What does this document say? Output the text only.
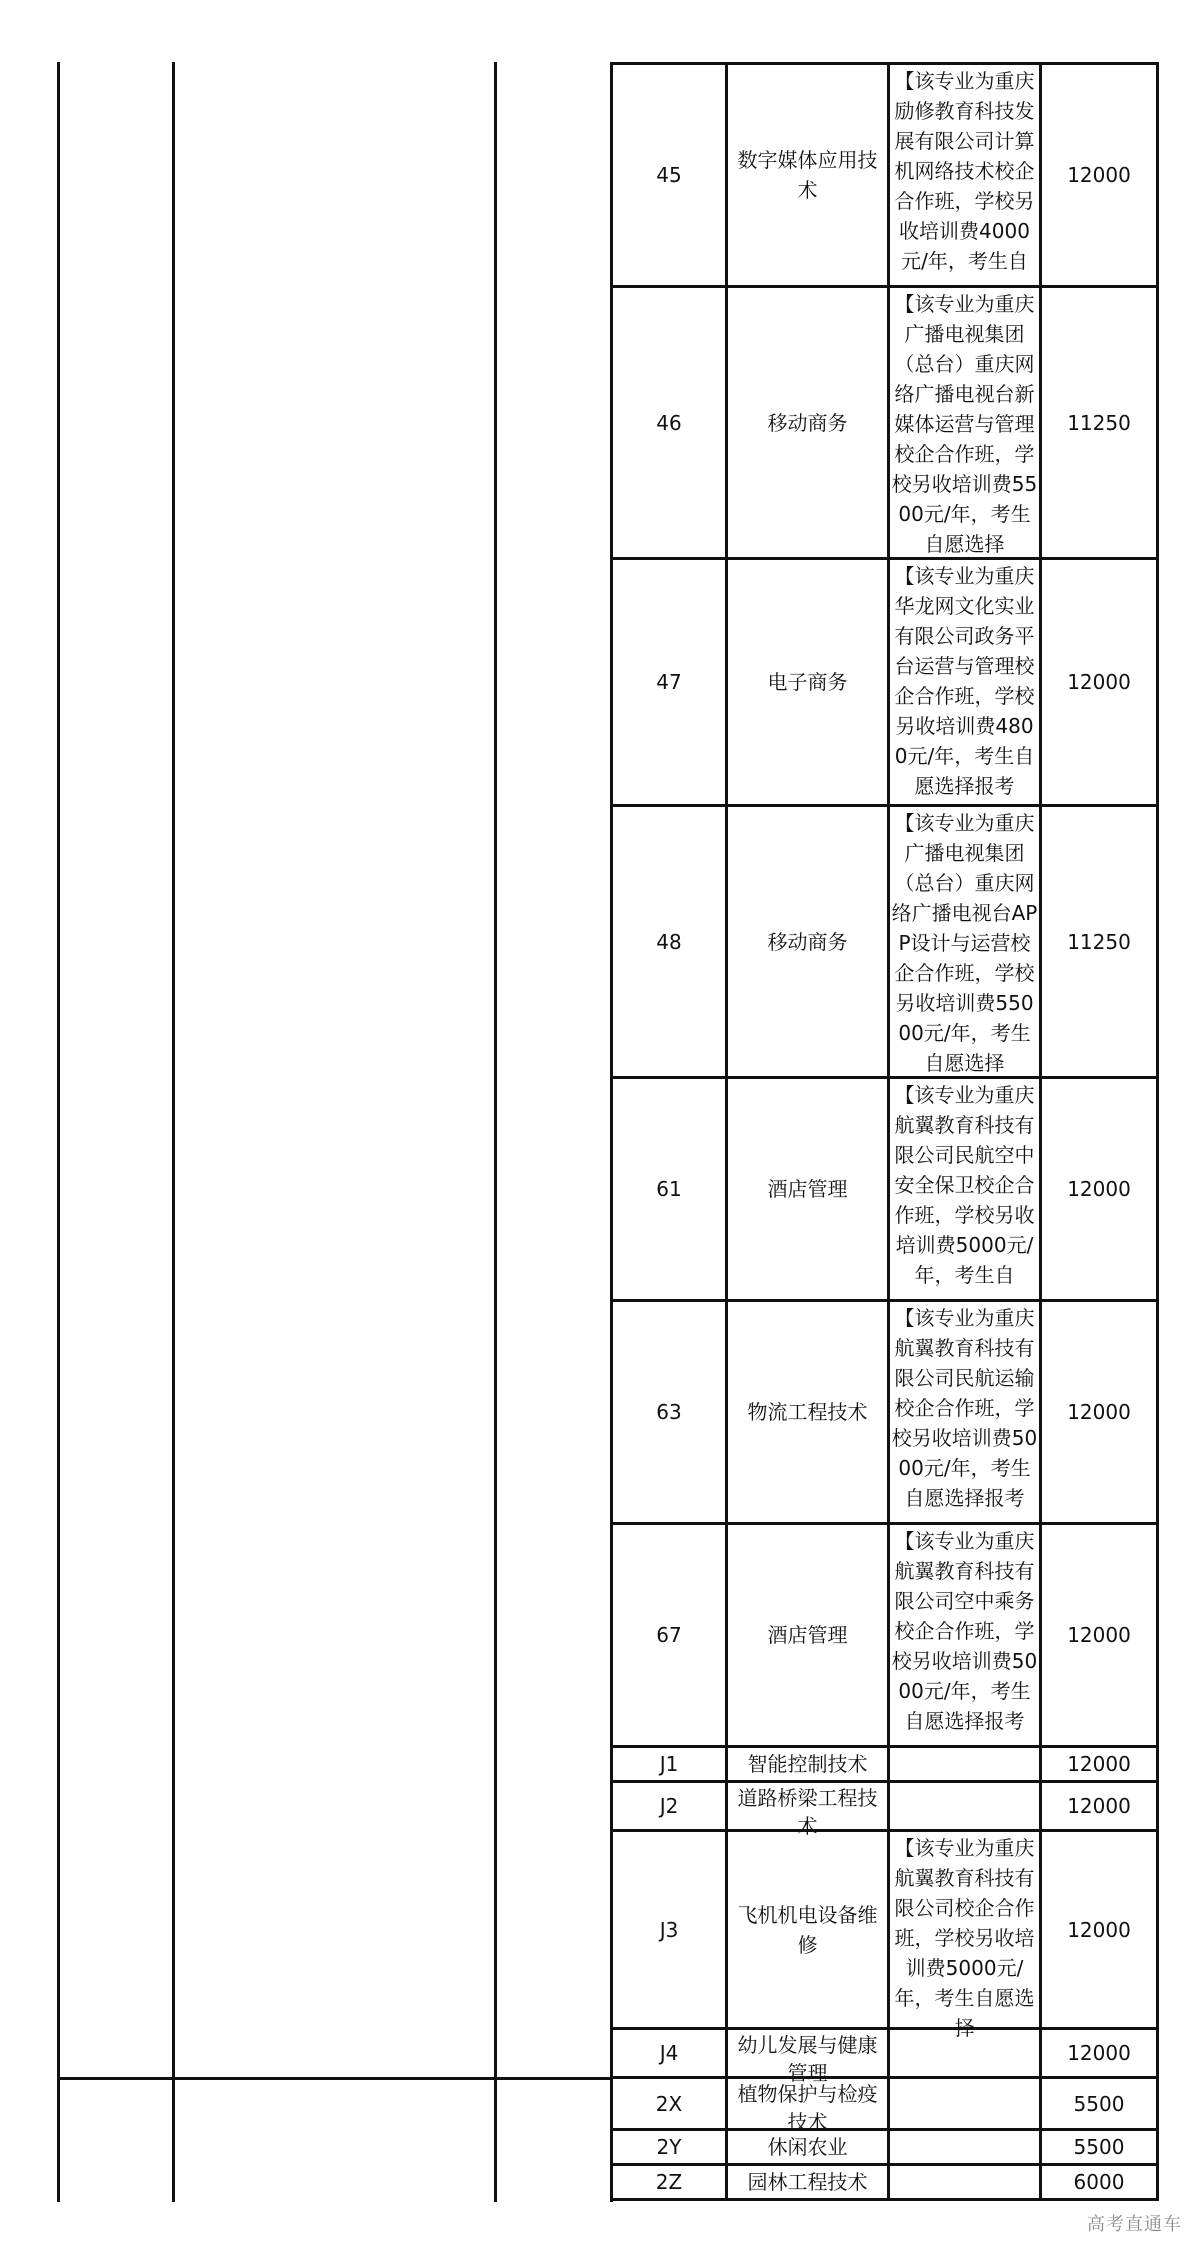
45	数字媒体应用技术	【该专业为重庆励修教育科技发展有限公司计算机网络技术校企合作班，学校另收培训费4000元/年，考生自	12000
46	移动商务	【该专业为重庆广播电视集团（总台）重庆网络广播电视台新媒体运营与管理校企合作班，学校另收培训费5500元/年，考生自愿选择	11250
47	电子商务	【该专业为重庆华龙网文化实业有限公司政务平台运营与管理校企合作班，学校另收培训费4800元/年，考生自愿选择报考	12000
48	移动商务	【该专业为重庆广播电视集团（总台）重庆网络广播电视台APP设计与运营校企合作班，学校另收培训费55000元/年，考生自愿选择	11250
61	酒店管理	【该专业为重庆航翼教育科技有限公司民航空中安全保卫校企合作班，学校另收培训费5000元/年，考生自	12000
63	物流工程技术	【该专业为重庆航翼教育科技有限公司民航运输校企合作班，学校另收培训费5000元/年，考生自愿选择报考	12000
67	酒店管理	【该专业为重庆航翼教育科技有限公司空中乘务校企合作班，学校另收培训费5000元/年，考生自愿选择报考	12000
J1	智能控制技术		12000
J2	道路桥梁工程技术		12000
J3	飞机机电设备维修	【该专业为重庆航翼教育科技有限公司校企合作班，学校另收培训费5000元/年，考生自愿选择	12000
J4	幼儿发展与健康管理		12000
2X	植物保护与检疫技术		5500
2Y	休闲农业		5500
2Z	园林工程技术		6000
高考直通车
